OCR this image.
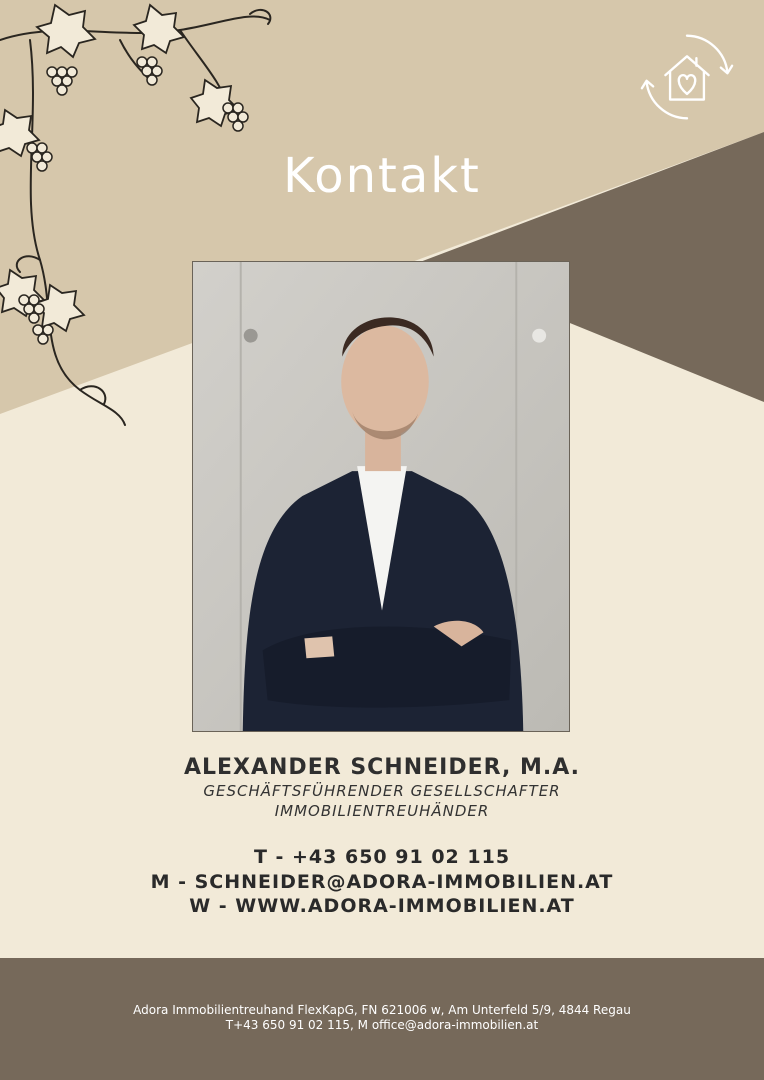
Kontakt
ALEXANDER SCHNEIDER, M.A.
GESCHÄFTSFÜHRENDER GESELLSCHAFTER
IMMOBILIENTREUHÄNDER
T - +43 650 91 02 115
M - SCHNEIDER@ADORA-IMMOBILIEN.AT
W - WWW.ADORA-IMMOBILIEN.AT
Adora Immobilientreuhand FlexKapG, FN 621006 w, Am Unterfeld 5/9, 4844 Regau
T+43 650 91 02 115, M office@adora-immobilien.at
